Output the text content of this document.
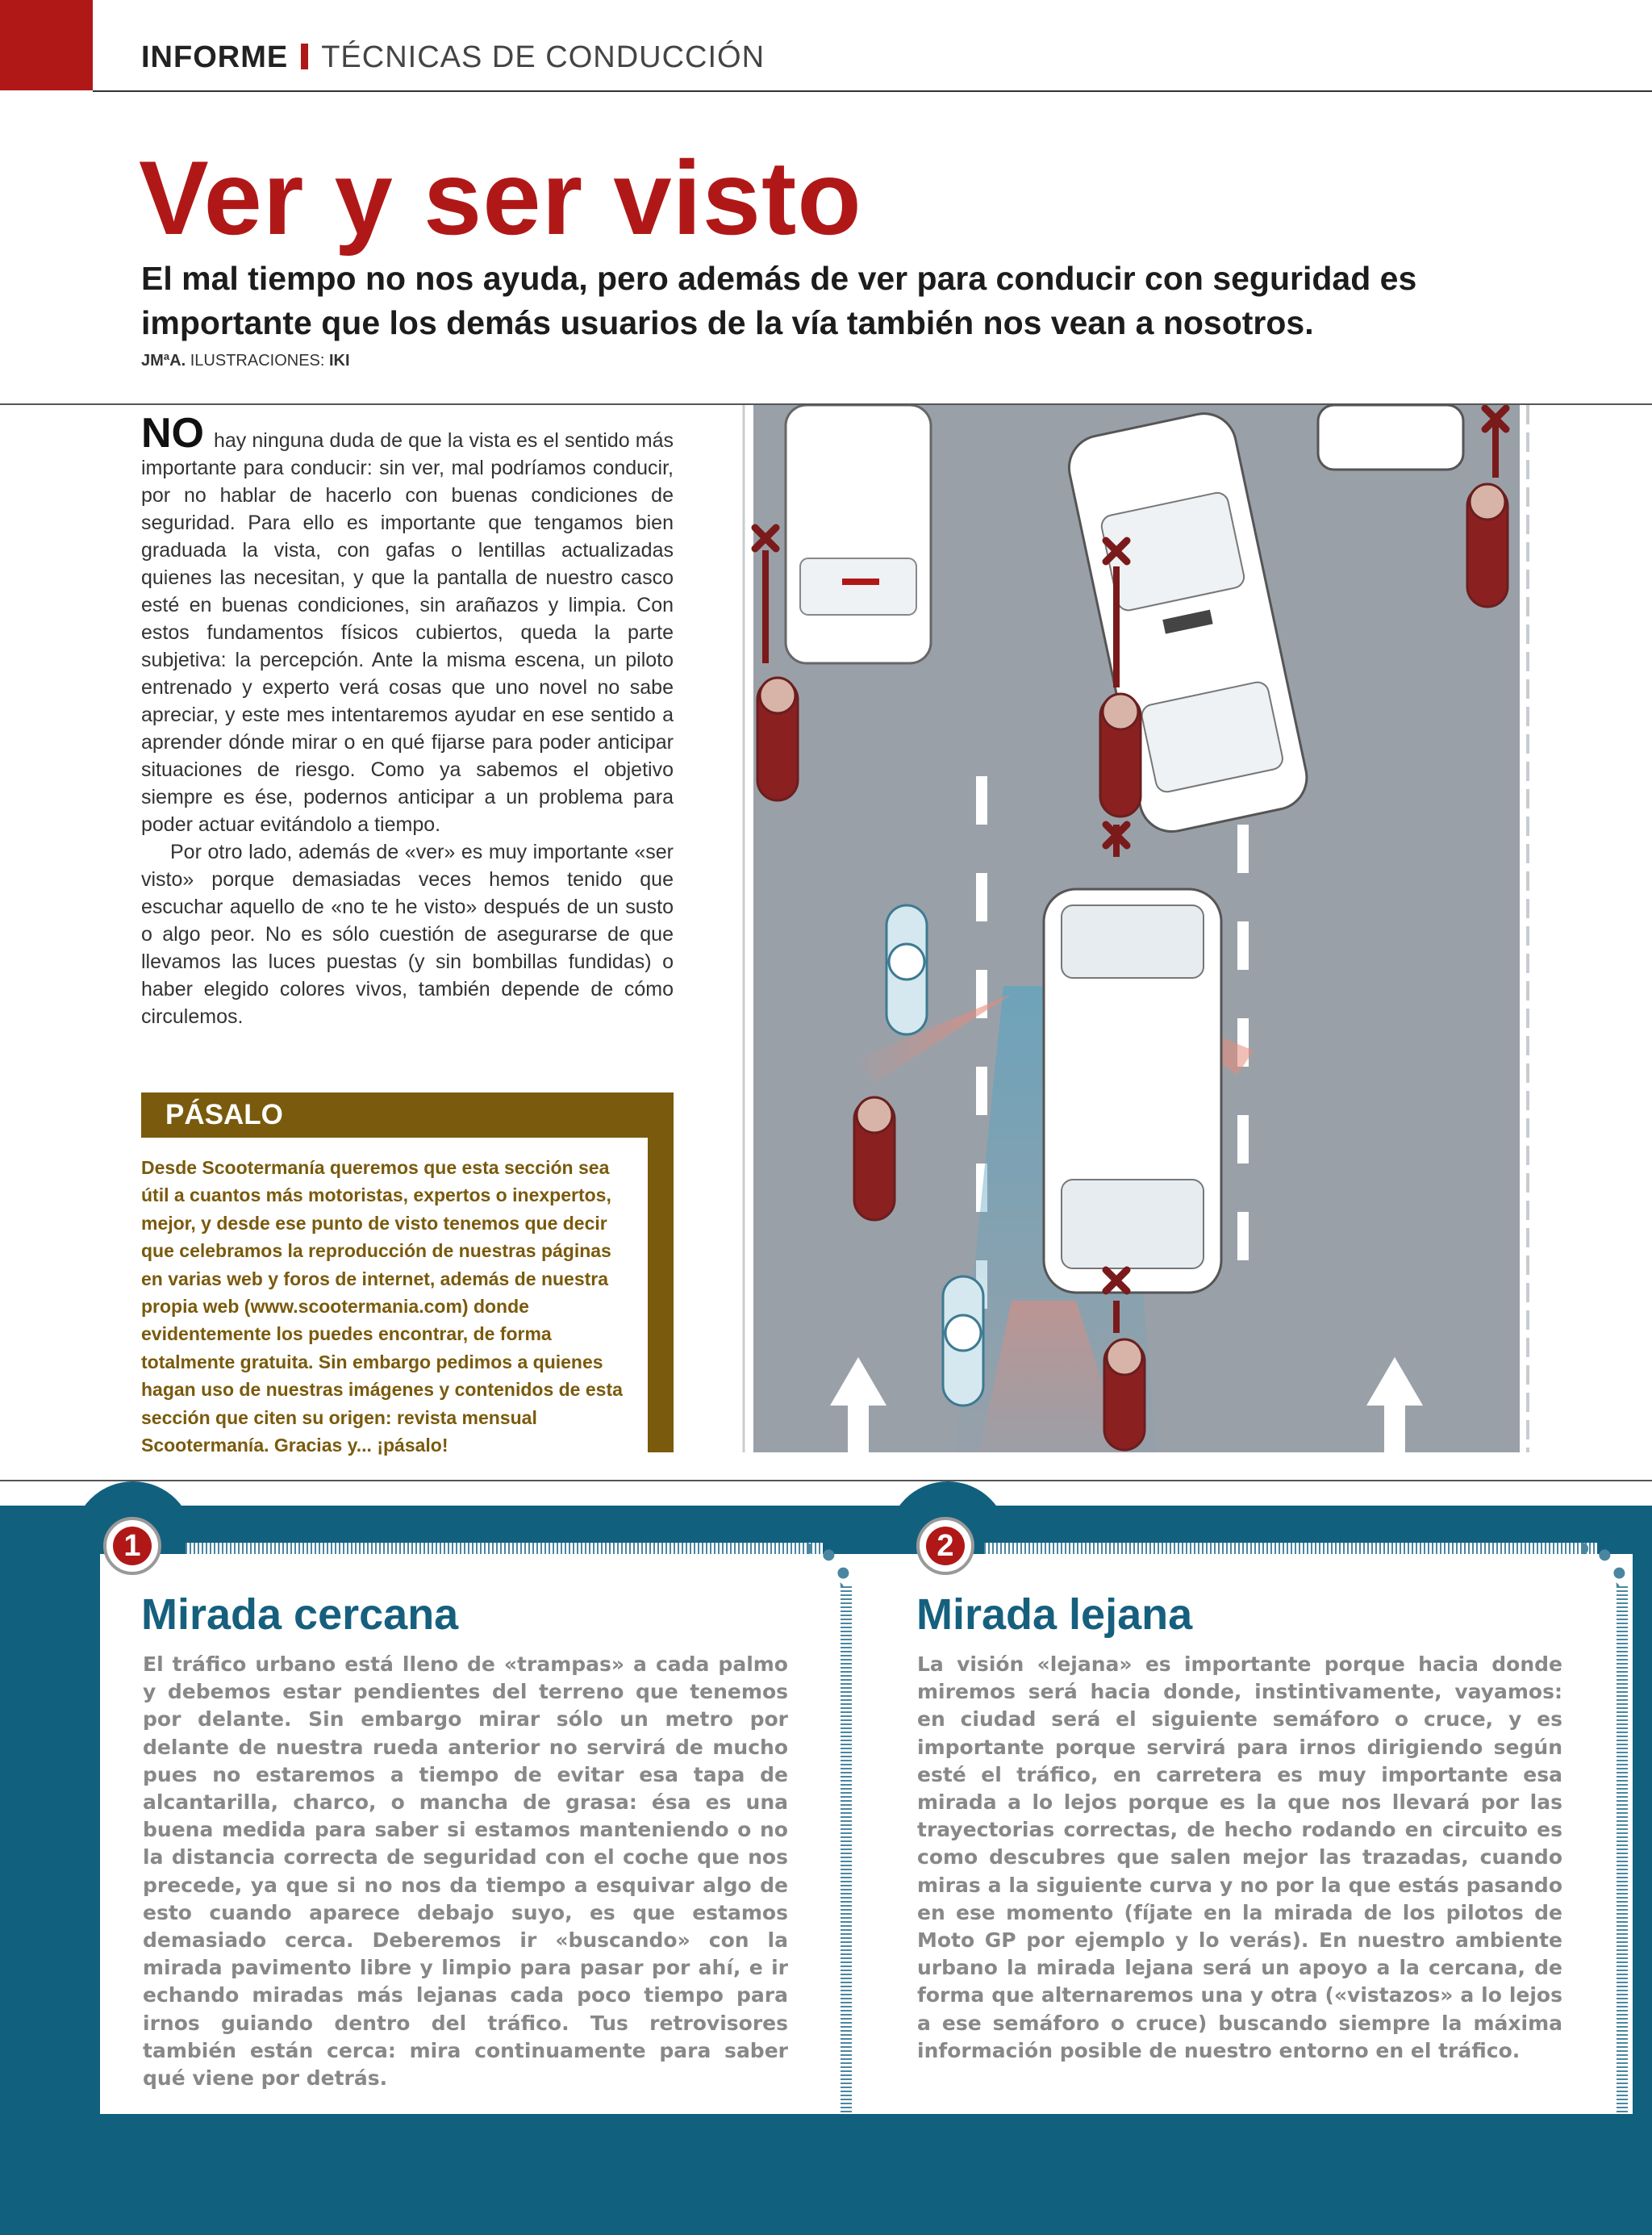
INFORME TÉCNICAS DE CONDUCCIÓN
Ver y ser visto
El mal tiempo no nos ayuda, pero además de ver para conducir con seguridad es importante que los demás usuarios de la vía también nos vean a nosotros.
JMªA. ILUSTRACIONES: IKI

NO hay ninguna duda de que la vista es el sentido más importante para conducir: sin ver, mal podríamos conducir, por no hablar de hacerlo con buenas condiciones de seguridad. Para ello es importante que tengamos bien graduada la vista, con gafas o lentillas actualizadas quienes las necesitan, y que la pantalla de nuestro casco esté en buenas condiciones, sin arañazos y limpia. Con estos fundamentos físicos cubiertos, queda la parte subjetiva: la percepción. Ante la misma escena, un piloto entrenado y experto verá cosas que uno novel no sabe apreciar, y este mes intentaremos ayudar en ese sentido a aprender dónde mirar o en qué fijarse para poder anticipar situaciones de riesgo. Como ya sabemos el objetivo siempre es ése, podernos anticipar a un problema para poder actuar evitándolo a tiempo.

Por otro lado, además de «ver» es muy importante «ser visto» porque demasiadas veces hemos tenido que escuchar aquello de «no te he visto» después de un susto o algo peor. No es sólo cuestión de asegurarse de que llevamos las luces puestas (y sin bombillas fundidas) o haber elegido colores vivos, también depende de cómo circulemos.

PÁSALO
Desde Scootermanía queremos que esta sección sea útil a cuantos más motoristas, expertos o inexpertos, mejor, y desde ese punto de visto tenemos que decir que celebramos la reproducción de nuestras páginas en varias web y foros de internet, además de nuestra propia web (www.scootermania.com) donde evidentemente los puedes encontrar, de forma totalmente gratuita. Sin embargo pedimos a quienes hagan uso de nuestras imágenes y contenidos de esta sección que citen su origen: revista mensual Scootermanía. Gracias y... ¡pásalo!
1
Mirada cercana
El tráfico urbano está lleno de «trampas» a cada palmo y debemos estar pendientes del terreno que tenemos por delante. Sin embargo mirar sólo un metro por delante de nuestra rueda anterior no servirá de mucho pues no estaremos a tiempo de evitar esa tapa de alcantarilla, charco, o mancha de grasa: ésa es una buena medida para saber si estamos manteniendo o no la distancia correcta de seguridad con el coche que nos precede, ya que si no nos da tiempo a esquivar algo de esto cuando aparece debajo suyo, es que estamos demasiado cerca. Deberemos ir «buscando» con la mirada pavimento libre y limpio para pasar por ahí, e ir echando miradas más lejanas cada poco tiempo para irnos guiando dentro del tráfico. Tus retrovisores también están cerca: mira continuamente para saber qué viene por detrás.
2
Mirada lejana
La visión «lejana» es importante porque hacia donde miremos será hacia donde, instintivamente, vayamos: en ciudad será el siguiente semáforo o cruce, y es importante porque servirá para irnos dirigiendo según esté el tráfico, en carretera es muy importante esa mirada a lo lejos porque es la que nos llevará por las trayectorias correctas, de hecho rodando en circuito es como descubres que salen mejor las trazadas, cuando miras a la siguiente curva y no por la que estás pasando en ese momento (fíjate en la mirada de los pilotos de Moto GP por ejemplo y lo verás). En nuestro ambiente urbano la mirada lejana será un apoyo a la cercana, de forma que alternaremos una y otra («vistazos» a lo lejos a ese semáforo o cruce) buscando siempre la máxima información posible de nuestro entorno en el tráfico.
